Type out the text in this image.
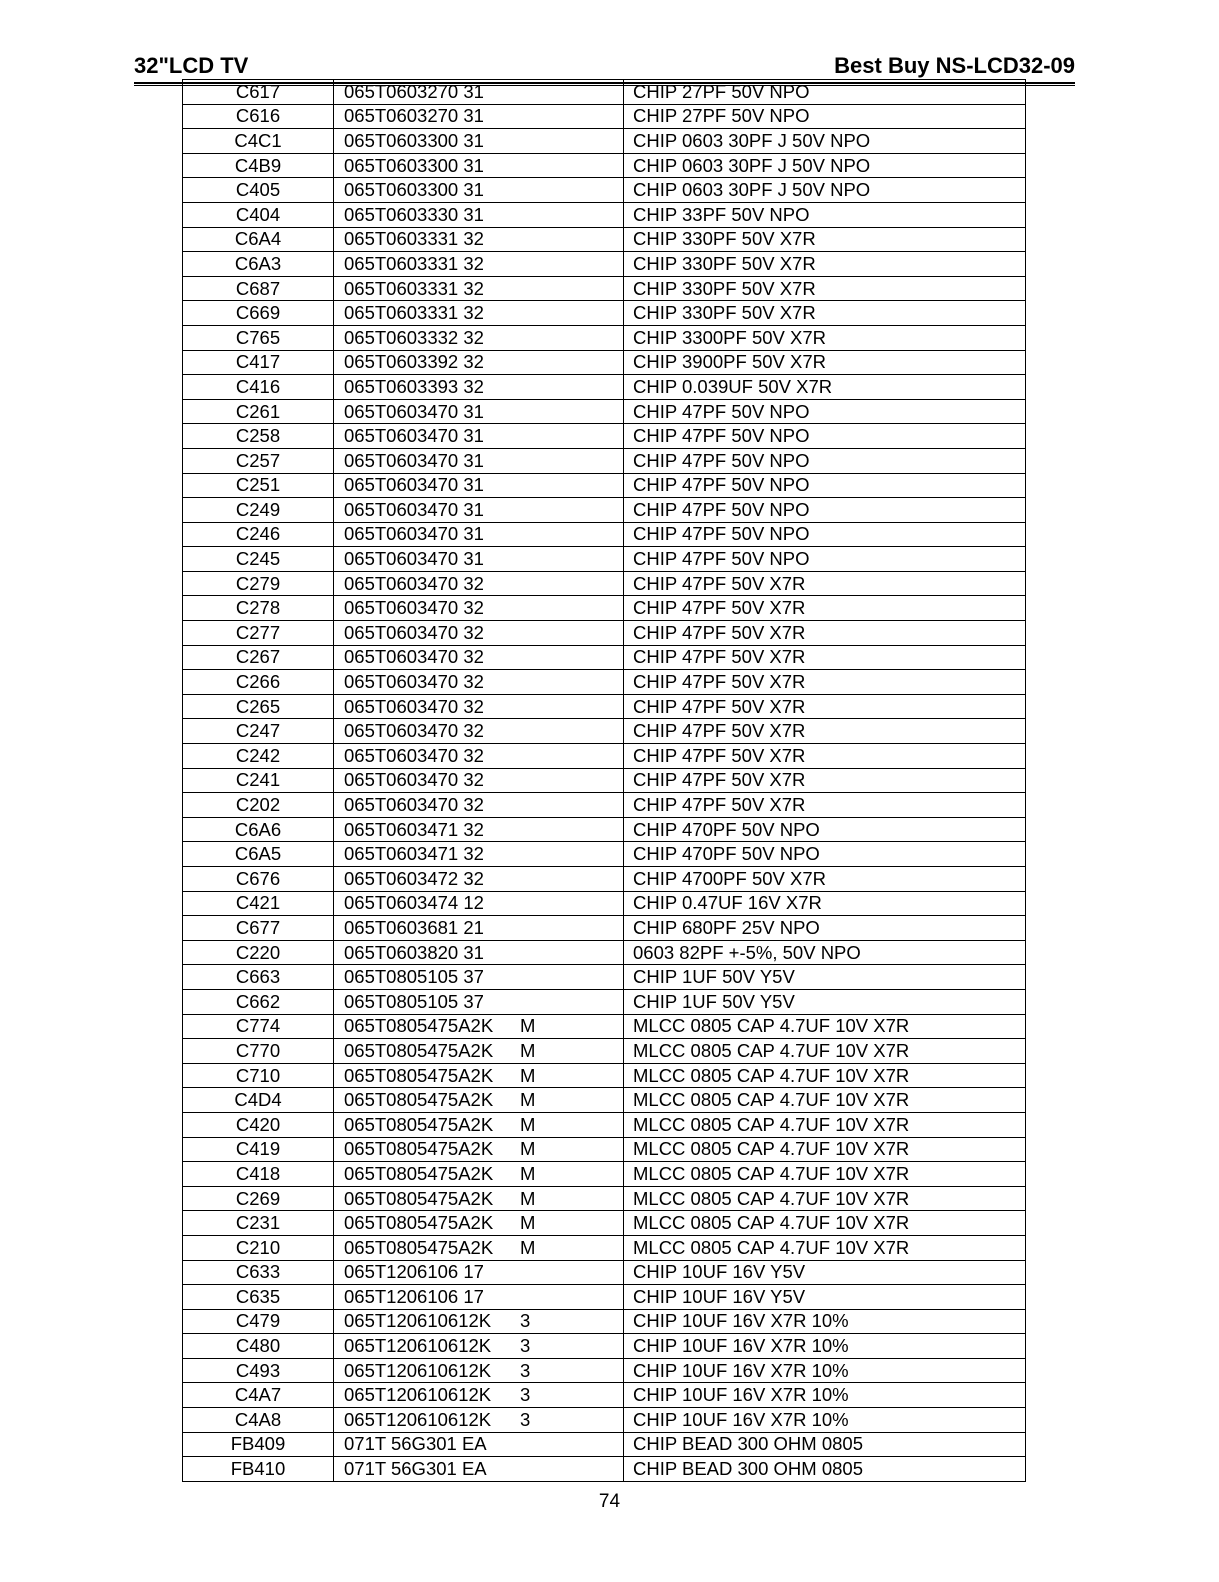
32"LCD TV	Best Buy NS-LCD32-09
C617	065T0603270 31	CHIP 27PF 50V NPO
C616	065T0603270 31	CHIP 27PF 50V NPO
C4C1	065T0603300 31	CHIP 0603 30PF J 50V NPO
C4B9	065T0603300 31	CHIP 0603 30PF J 50V NPO
C405	065T0603300 31	CHIP 0603 30PF J 50V NPO
C404	065T0603330 31	CHIP 33PF 50V NPO
C6A4	065T0603331 32	CHIP 330PF 50V X7R
C6A3	065T0603331 32	CHIP 330PF 50V X7R
C687	065T0603331 32	CHIP 330PF 50V X7R
C669	065T0603331 32	CHIP 330PF 50V X7R
C765	065T0603332 32	CHIP 3300PF 50V X7R
C417	065T0603392 32	CHIP 3900PF 50V X7R
C416	065T0603393 32	CHIP 0.039UF 50V X7R
C261	065T0603470 31	CHIP 47PF 50V NPO
C258	065T0603470 31	CHIP 47PF 50V NPO
C257	065T0603470 31	CHIP 47PF 50V NPO
C251	065T0603470 31	CHIP 47PF 50V NPO
C249	065T0603470 31	CHIP 47PF 50V NPO
C246	065T0603470 31	CHIP 47PF 50V NPO
C245	065T0603470 31	CHIP 47PF 50V NPO
C279	065T0603470 32	CHIP 47PF 50V X7R
C278	065T0603470 32	CHIP 47PF 50V X7R
C277	065T0603470 32	CHIP 47PF 50V X7R
C267	065T0603470 32	CHIP 47PF 50V X7R
C266	065T0603470 32	CHIP 47PF 50V X7R
C265	065T0603470 32	CHIP 47PF 50V X7R
C247	065T0603470 32	CHIP 47PF 50V X7R
C242	065T0603470 32	CHIP 47PF 50V X7R
C241	065T0603470 32	CHIP 47PF 50V X7R
C202	065T0603470 32	CHIP 47PF 50V X7R
C6A6	065T0603471 32	CHIP 470PF 50V NPO
C6A5	065T0603471 32	CHIP 470PF 50V NPO
C676	065T0603472 32	CHIP 4700PF 50V X7R
C421	065T0603474 12	CHIP 0.47UF 16V X7R
C677	065T0603681 21	CHIP 680PF 25V NPO
C220	065T0603820 31	0603 82PF +-5%, 50V NPO
C663	065T0805105 37	CHIP 1UF 50V Y5V
C662	065T0805105 37	CHIP 1UF 50V Y5V
C774	065T0805475A2K M	MLCC 0805 CAP 4.7UF 10V X7R
C770	065T0805475A2K M	MLCC 0805 CAP 4.7UF 10V X7R
C710	065T0805475A2K M	MLCC 0805 CAP 4.7UF 10V X7R
C4D4	065T0805475A2K M	MLCC 0805 CAP 4.7UF 10V X7R
C420	065T0805475A2K M	MLCC 0805 CAP 4.7UF 10V X7R
C419	065T0805475A2K M	MLCC 0805 CAP 4.7UF 10V X7R
C418	065T0805475A2K M	MLCC 0805 CAP 4.7UF 10V X7R
C269	065T0805475A2K M	MLCC 0805 CAP 4.7UF 10V X7R
C231	065T0805475A2K M	MLCC 0805 CAP 4.7UF 10V X7R
C210	065T0805475A2K M	MLCC 0805 CAP 4.7UF 10V X7R
C633	065T1206106 17	CHIP 10UF 16V Y5V
C635	065T1206106 17	CHIP 10UF 16V Y5V
C479	065T120610612K 3	CHIP 10UF 16V X7R 10%
C480	065T120610612K 3	CHIP 10UF 16V X7R 10%
C493	065T120610612K 3	CHIP 10UF 16V X7R 10%
C4A7	065T120610612K 3	CHIP 10UF 16V X7R 10%
C4A8	065T120610612K 3	CHIP 10UF 16V X7R 10%
FB409	071T 56G301 EA	CHIP BEAD 300 OHM 0805
FB410	071T 56G301 EA	CHIP BEAD 300 OHM 0805
74
